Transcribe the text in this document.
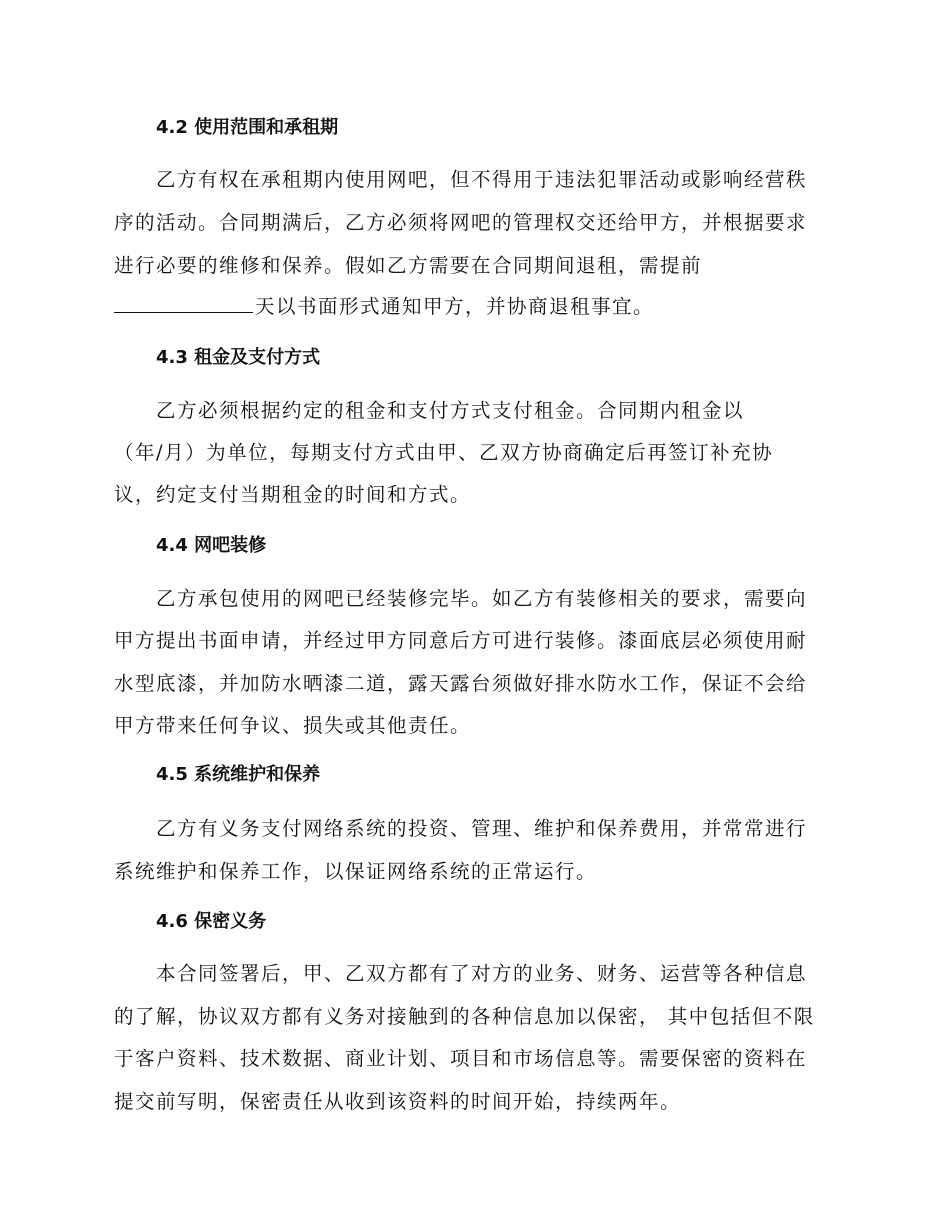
4.2 使用范围和承租期

乙方有权在承租期内使用网吧，但不得用于违法犯罪活动或影响经营秩

序的活动。合同期满后，乙方必须将网吧的管理权交还给甲方，并根据要求

进行必要的维修和保养。假如乙方需要在合同期间退租，需提前

天以书面形式通知甲方，并协商退租事宜。

4.3 租金及支付方式

乙方必须根据约定的租金和支付方式支付租金。合同期内租金以

（年/月）为单位，每期支付方式由甲、乙双方协商确定后再签订补充协

议，约定支付当期租金的时间和方式。

4.4 网吧装修

乙方承包使用的网吧已经装修完毕。如乙方有装修相关的要求，需要向

甲方提出书面申请，并经过甲方同意后方可进行装修。漆面底层必须使用耐

水型底漆，并加防水晒漆二道，露天露台须做好排水防水工作，保证不会给

甲方带来任何争议、损失或其他责任。

4.5 系统维护和保养

乙方有义务支付网络系统的投资、管理、维护和保养费用，并常常进行

系统维护和保养工作，以保证网络系统的正常运行。

4.6 保密义务

本合同签署后，甲、乙双方都有了对方的业务、财务、运营等各种信息

的了解，协议双方都有义务对接触到的各种信息加以保密， 其中包括但不限

于客户资料、技术数据、商业计划、项目和市场信息等。需要保密的资料在

提交前写明，保密责任从收到该资料的时间开始，持续两年。
